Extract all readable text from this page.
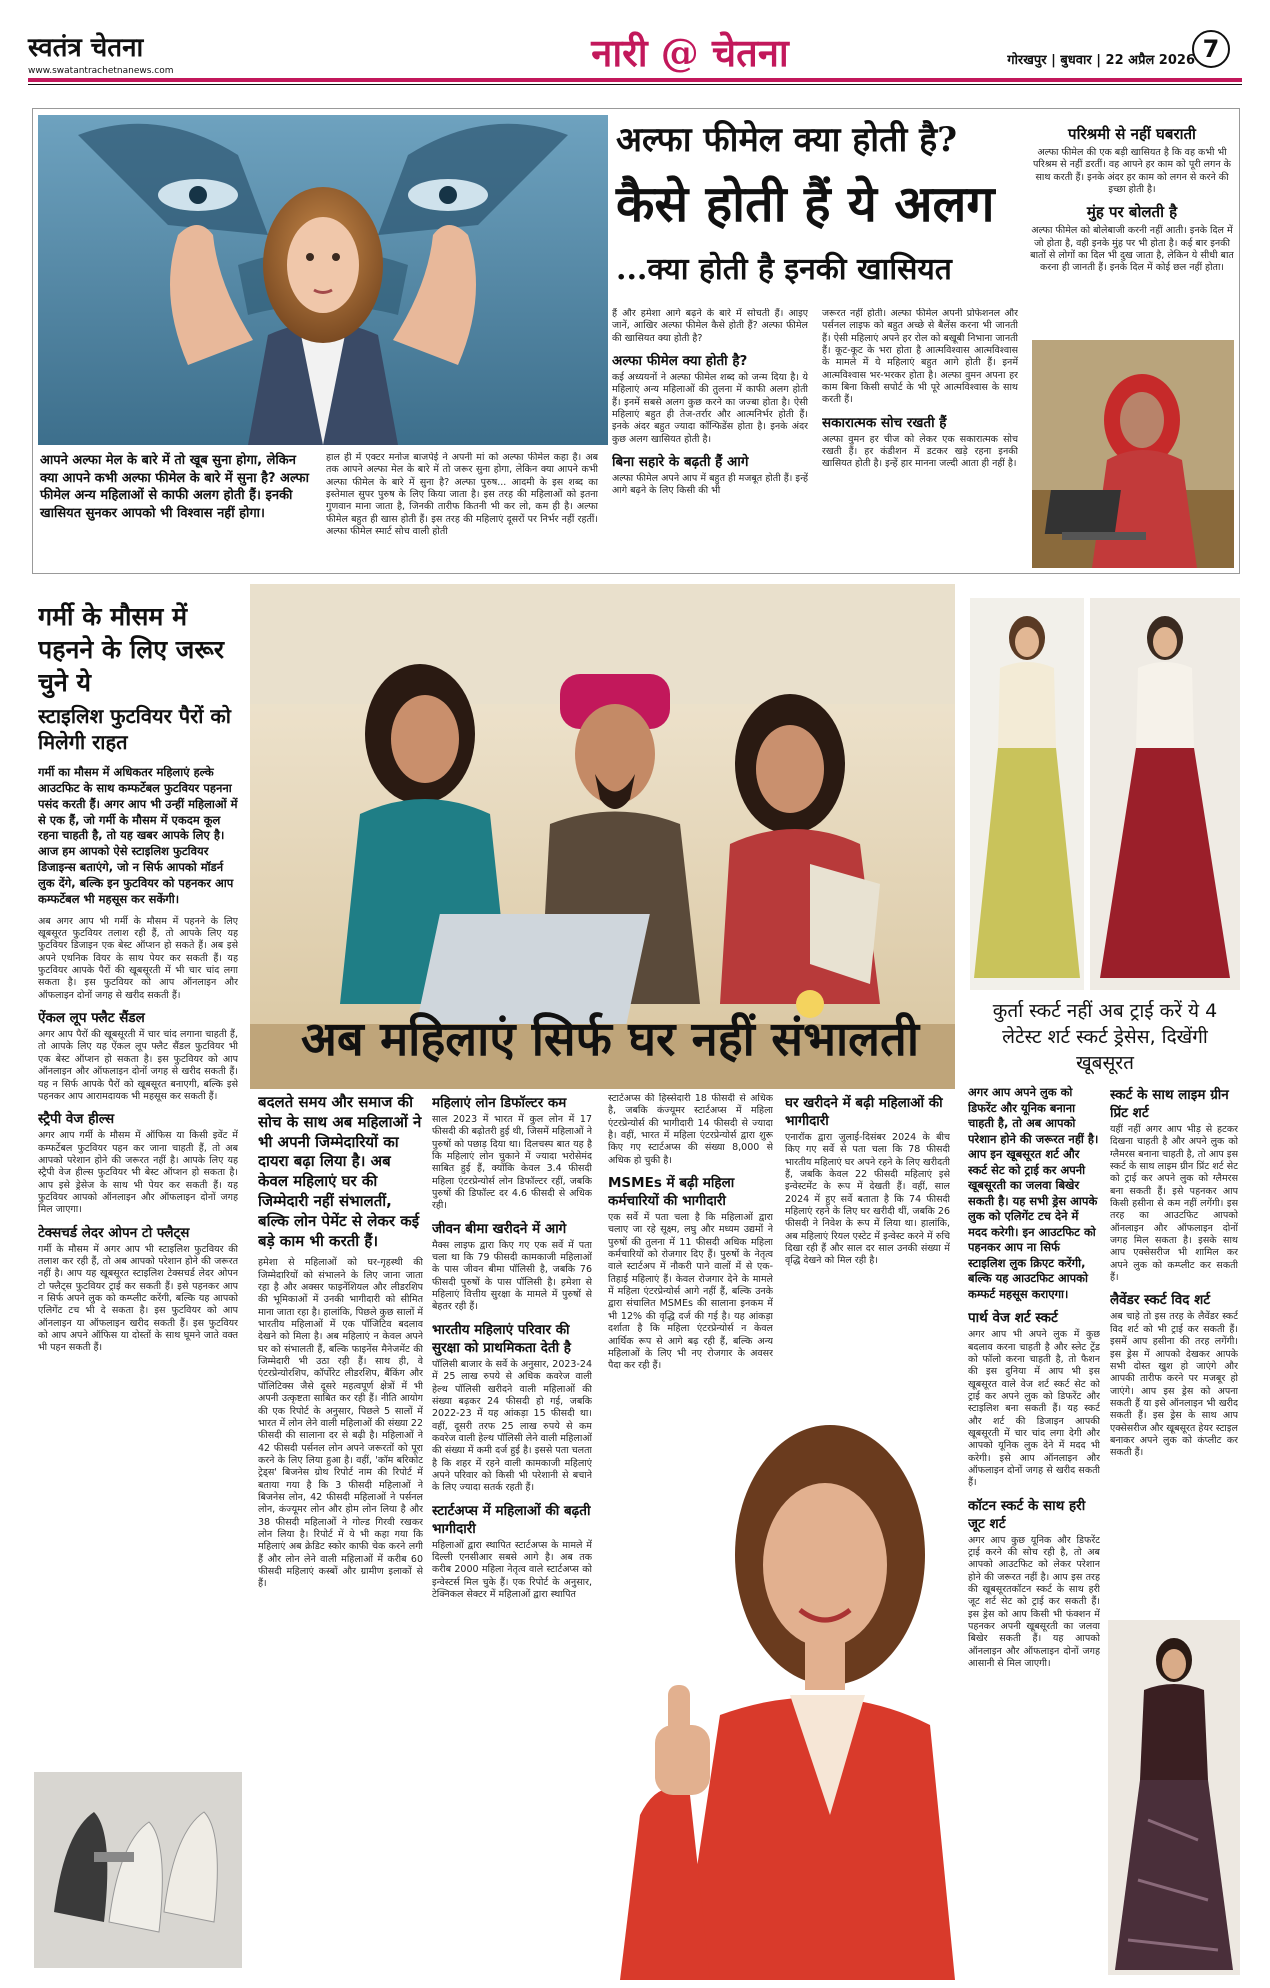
स्वतंत्र चेतना
www.swatantrachetnanews.com	नारी @ चेतना	गोरखपुर | बुधवार | 22 अप्रैल 2026 7
आपने अल्फा मेल के बारे में तो खूब सुना होगा, लेकिन क्या आपने कभी अल्फा फीमेल के बारे में सुना है? अल्फा फीमेल अन्य महिलाओं से काफी अलग होती हैं। इनकी खासियत सुनकर आपको भी विश्वास नहीं होगा।
हाल ही में एक्टर मनोज बाजपेई ने अपनी मां को अल्फा फीमेल कहा है। अब तक आपने अल्फा मेल के बारे में तो जरूर सुना होगा, लेकिन क्या आपने कभी अल्फा फीमेल के बारे में सुना है? अल्फा पुरुष... आदमी के इस शब्द का इस्तेमाल सुपर पुरुष के लिए किया जाता है। इस तरह की महिलाओं को इतना गुणवान माना जाता है, जिनकी तारीफ कितनी भी कर लो, कम ही है। अल्फा फीमेल बहुत ही खास होती हैं। इस तरह की महिलाएं दूसरों पर निर्भर नहीं रहतीं। अल्फा फीमेल स्मार्ट सोच वाली होती
अल्फा फीमेल क्या होती है?
कैसे होती हैं ये अलग
...क्या होती है इनकी खासियत
हैं और हमेशा आगे बढ़ने के बारे में सोचती हैं। आइए जानें, आखिर अल्फा फीमेल कैसे होती हैं? अल्फा फीमेल की खासियत क्या होती है?
अल्फा फीमेल क्या होती है?
कई अध्ययनों ने अल्फा फीमेल शब्द को जन्म दिया है। ये महिलाएं अन्य महिलाओं की तुलना में काफी अलग होती हैं। इनमें सबसे अलग कुछ करने का जज्बा होता है। ऐसी महिलाएं बहुत ही तेज-तर्रार और आत्मनिर्भर होती हैं। इनके अंदर बहुत ज्यादा कॉन्फिडेंस होता है। इनके अंदर कुछ अलग खासियत होती है।
बिना सहारे के बढ़ती हैं आगे
अल्फा फीमेल अपने आप में बहुत ही मजबूत होती हैं। इन्हें आगे बढ़ने के लिए किसी की भी
जरूरत नहीं होती। अल्फा फीमेल अपनी प्रोफेशनल और पर्सनल लाइफ को बहुत अच्छे से बैलेंस करना भी जानती हैं। ऐसी महिलाएं अपने हर रोल को बखूबी निभाना जानती हैं। कूट-कूट के भरा होता है आत्मविश्वास आत्मविश्वास के मामले में ये महिलाएं बहुत आगे होती हैं। इनमें आत्मविश्वास भर-भरकर होता है। अल्फा वुमन अपना हर काम बिना किसी सपोर्ट के भी पूरे आत्मविश्वास के साथ करती हैं।
सकारात्मक सोच रखती हैं
अल्फा वुमन हर चीज को लेकर एक सकारात्मक सोच रखती हैं। हर कंडीशन में डटकर खड़े रहना इनकी खासियत होती है। इन्हें हार मानना जल्दी आता ही नहीं है।
परिश्रमी से नहीं घबराती
अल्फा फीमेल की एक बड़ी खासियत है कि वह कभी भी परिश्रम से नहीं डरतीं। वह आपने हर काम को पूरी लगन के साथ करती हैं। इनके अंदर हर काम को लगन से करने की इच्छा होती है।
मुंह पर बोलती है
अल्फा फीमेल को बोलेबाजी करनी नहीं आती। इनके दिल में जो होता है, वही इनके मुंह पर भी होता है। कई बार इनकी बातों से लोगों का दिल भी दुख जाता है, लेकिन ये सीधी बात करना ही जानती हैं। इनके दिल में कोई छल नहीं होता।
गर्मी के मौसम में पहनने के लिए जरूर चुने ये
स्टाइलिश फुटवियर पैरों को मिलेगी राहत
गर्मी का मौसम में अधिकतर महिलाएं हल्के आउटफिट के साथ कम्फर्टेबल फुटवियर पहनना पसंद करती हैं। अगर आप भी उन्हीं महिलाओं में से एक हैं, जो गर्मी के मौसम में एकदम कूल रहना चाहती है, तो यह खबर आपके लिए है। आज हम आपको ऐसे स्टाइलिश फुटवियर डिजाइन्स बताएंगे, जो न सिर्फ आपको मॉडर्न लुक देंगे, बल्कि इन फुटवियर को पहनकर आप कम्फर्टेबल भी महसूस कर सकेंगी।
अब अगर आप भी गर्मी के मौसम में पहनने के लिए खूबसूरत फुटवियर तलाश रही हैं, तो आपके लिए यह फुटवियर डिजाइन एक बेस्ट ऑप्शन हो सकते हैं। अब इसे अपने एथनिक वियर के साथ पेयर कर सकती हैं। यह फुटवियर आपके पैरों की खूबसूरती में भी चार चांद लगा सकता है। इस फुटवियर को आप ऑनलाइन और ऑफलाइन दोनों जगह से खरीद सकती हैं।
ऐंकल लूप फ्लैट सैंडल
अगर आप पैरों की खूबसूरती में चार चांद लगाना चाहती हैं, तो आपके लिए यह ऐंकल लूप फ्लैट सैंडल फुटवियर भी एक बेस्ट ऑप्शन हो सकता है। इस फुटवियर को आप ऑनलाइन और ऑफलाइन दोनों जगह से खरीद सकती हैं। यह न सिर्फ आपके पैरों को खूबसूरत बनाएगी, बल्कि इसे पहनकर आप आरामदायक भी महसूस कर सकती हैं।
स्ट्रैपी वेज हील्स
अगर आप गर्मी के मौसम में ऑफिस या किसी इवेंट में कम्फर्टेबल फुटवियर पहन कर जाना चाहती हैं, तो अब आपको परेशान होने की जरूरत नहीं है। आपके लिए यह स्ट्रैपी वेज हील्स फुटवियर भी बेस्ट ऑप्शन हो सकता है। आप इसे ड्रेसेज के साथ भी पेयर कर सकती हैं। यह फुटवियर आपको ऑनलाइन और ऑफलाइन दोनों जगह मिल जाएगा।
टेक्सचर्ड लेदर ओपन टो फ्लैट्स
गर्मी के मौसम में अगर आप भी स्टाइलिश फुटवियर की तलाश कर रही हैं, तो अब आपको परेशान होने की जरूरत नहीं है। आप यह खूबसूरत स्टाइलिश टेक्सचर्ड लेदर ओपन टो फ्लैट्स फुटवियर ट्राई कर सकती हैं। इसे पहनकर आप न सिर्फ अपने लुक को कम्प्लीट करेंगी, बल्कि यह आपको एलिगेंट टच भी दे सकता है। इस फुटवियर को आप ऑनलाइन या ऑफलाइन खरीद सकती हैं। इस फुटवियर को आप अपने ऑफिस या दोस्तों के साथ घूमने जाते वक्त भी पहन सकती हैं।
अब महिलाएं सिर्फ घर नहीं संभालती
बदलते समय और समाज की सोच के साथ अब महिलाओं ने भी अपनी जिम्मेदारियों का दायरा बढ़ा लिया है। अब केवल महिलाएं घर की जिम्मेदारी नहीं संभालतीं, बल्कि लोन पेमेंट से लेकर कई बड़े काम भी करती हैं।
हमेशा से महिलाओं को घर-गृहस्थी की जिम्मेदारियों को संभालने के लिए जाना जाता रहा है और अक्सर फाइनेंशियल और लीडरशिप की भूमिकाओं में उनकी भागीदारी को सीमित माना जाता रहा है। हालांकि, पिछले कुछ सालों में भारतीय महिलाओं में एक पॉजिटिव बदलाव देखने को मिला है। अब महिलाएं न केवल अपने घर को संभालती हैं, बल्कि फाइनेंस मैनेजमेंट की जिम्मेदारी भी उठा रही हैं। साथ ही, वे एंटरप्रेन्योरशिप, कॉर्पोरेट लीडरशिप, बैंकिंग और पॉलिटिक्स जैसे दूसरे महत्वपूर्ण क्षेत्रों में भी अपनी उत्कृष्टता साबित कर रही हैं। नीति आयोग की एक रिपोर्ट के अनुसार, पिछले 5 सालों में भारत में लोन लेने वाली महिलाओं की संख्या 22 फीसदी की सालाना दर से बढ़ी है। महिलाओं ने 42 फीसदी पर्सनल लोन अपने जरूरतों को पूरा करने के लिए लिया हुआ है। वहीं, 'कॉम बरिकोट ट्रेड्स' बिजनेस ग्रोथ रिपोर्ट नाम की रिपोर्ट में बताया गया है कि 3 फीसदी महिलाओं ने बिजनेस लोन, 42 फीसदी महिलाओं ने पर्सनल लोन, कंज्यूमर लोन और होम लोन लिया है और 38 फीसदी महिलाओं ने गोल्ड गिरवी रखकर लोन लिया है। रिपोर्ट में ये भी कहा गया कि महिलाएं अब क्रेडिट स्कोर काफी चेक करने लगी हैं और लोन लेने वाली महिलाओं में करीब 60 फीसदी महिलाएं कस्बों और ग्रामीण इलाकों से हैं।
महिलाएं लोन डिफॉल्टर कम
साल 2023 में भारत में कुल लोन में 17 फीसदी की बढ़ोतरी हुई थी, जिसमें महिलाओं ने पुरुषों को पछाड़ दिया था। दिलचस्प बात यह है कि महिलाएं लोन चुकाने में ज्यादा भरोसेमंद साबित हुई हैं, क्योंकि केवल 3.4 फीसदी महिला एंटरप्रेन्योर्स लोन डिफॉल्टर रहीं, जबकि पुरुषों की डिफॉल्ट दर 4.6 फीसदी से अधिक रही।
जीवन बीमा खरीदने में आगे
मैक्स लाइफ द्वारा किए गए एक सर्वे में पता चला था कि 79 फीसदी कामकाजी महिलाओं के पास जीवन बीमा पॉलिसी है, जबकि 76 फीसदी पुरुषों के पास पॉलिसी है। हमेशा से महिलाएं वित्तीय सुरक्षा के मामले में पुरुषों से बेहतर रही हैं।
भारतीय महिलाएं परिवार की सुरक्षा को प्राथमिकता देती है
पॉलिसी बाजार के सर्वे के अनुसार, 2023-24 में 25 लाख रुपये से अधिक कवरेज वाली हेल्थ पॉलिसी खरीदने वाली महिलाओं की संख्या बढ़कर 24 फीसदी हो गई, जबकि 2022-23 में यह आंकड़ा 15 फीसदी था। वहीं, दूसरी तरफ 25 लाख रुपये से कम कवरेज वाली हेल्थ पॉलिसी लेने वाली महिलाओं की संख्या में कमी दर्ज हुई है। इससे पता चलता है कि शहर में रहने वाली कामकाजी महिलाएं अपने परिवार को किसी भी परेशानी से बचाने के लिए ज्यादा सतर्क रहती हैं।
स्टार्टअप्स में महिलाओं की बढ़ती भागीदारी
महिलाओं द्वारा स्थापित स्टार्टअप्स के मामले में दिल्ली एनसीआर सबसे आगे है। अब तक करीब 2000 महिला नेतृत्व वाले स्टार्टअप्स को इन्वेस्टर्स मिल चुके हैं। एक रिपोर्ट के अनुसार, टेक्निकल सेक्टर में महिलाओं द्वारा स्थापित
स्टार्टअप्स की हिस्सेदारी 18 फीसदी से अधिक है, जबकि कंज्यूमर स्टार्टअप्स में महिला एंटरप्रेन्योर्स की भागीदारी 14 फीसदी से ज्यादा है। वहीं, भारत में महिला एंटरप्रेन्योर्स द्वारा शुरू किए गए स्टार्टअप्स की संख्या 8,000 से अधिक हो चुकी है।
MSMEs में बढ़ी महिला कर्मचारियों की भागीदारी
एक सर्वे में पता चला है कि महिलाओं द्वारा चलाए जा रहे सूक्ष्म, लघु और मध्यम उद्यमों ने पुरुषों की तुलना में 11 फीसदी अधिक महिला कर्मचारियों को रोजगार दिए हैं। पुरुषों के नेतृत्व वाले स्टार्टअप में नौकरी पाने वालों में से एक-तिहाई महिलाएं हैं। केवल रोजगार देने के मामले में महिला एंटरप्रेन्योर्स आगे नहीं हैं, बल्कि उनके द्वारा संचालित MSMEs की सालाना इनकम में भी 12% की वृद्धि दर्ज की गई है। यह आंकड़ा दर्शाता है कि महिला एंटरप्रेन्योर्स न केवल आर्थिक रूप से आगे बढ़ रही हैं, बल्कि अन्य महिलाओं के लिए भी नए रोजगार के अवसर पैदा कर रही हैं।
घर खरीदने में बढ़ी महिलाओं की भागीदारी
एनारॉक द्वारा जुलाई-दिसंबर 2024 के बीच किए गए सर्वे से पता चला कि 78 फीसदी भारतीय महिलाएं घर अपने रहने के लिए खरीदती हैं, जबकि केवल 22 फीसदी महिलाएं इसे इन्वेस्टमेंट के रूप में देखती हैं। वहीं, साल 2024 में हुए सर्वे बताता है कि 74 फीसदी महिलाएं रहने के लिए घर खरीदी थीं, जबकि 26 फीसदी ने निवेश के रूप में लिया था। हालांकि, अब महिलाएं रियल एस्टेट में इन्वेस्ट करने में रुचि दिखा रही हैं और साल दर साल उनकी संख्या में वृद्धि देखने को मिल रही है।
कुर्ता स्कर्ट नहीं अब ट्राई करें ये 4 लेटेस्ट शर्ट स्कर्ट ड्रेसेस, दिखेंगी खूबसूरत
अगर आप अपने लुक को डिफरेंट और यूनिक बनाना चाहती है, तो अब आपको परेशान होने की जरूरत नहीं है। आप इन खूबसूरत शर्ट और स्कर्ट सेट को ट्राई कर अपनी खूबसूरती का जलवा बिखेर सकती है। यह सभी ड्रेस आपके लुक को एलिगेंट टच देने में मदद करेगी। इन आउटफिट को पहनकर आप ना सिर्फ स्टाइलिश लुक क्रिएट करेंगी, बल्कि यह आउटफिट आपको कम्फर्ट महसूस कराएगा।
पार्थ वेज शर्ट स्कर्ट
अगर आप भी अपने लुक में कुछ बदलाव करना चाहती है और स्लेट ट्रेंड को फॉलो करना चाहती है, तो फैशन की इस दुनिया में आप भी इस खूबसूरत वाले वेज शर्ट स्कर्ट सेट को ट्राई कर अपने लुक को डिफरेंट और स्टाइलिश बना सकती हैं। यह स्कर्ट और शर्ट की डिजाइन आपकी खूबसूरती में चार चांद लगा देगी और आपको यूनिक लुक देने में मदद भी करेगी। इसे आप ऑनलाइन और ऑफलाइन दोनों जगह से खरीद सकती हैं।
कॉटन स्कर्ट के साथ हरी जूट शर्ट
अगर आप कुछ यूनिक और डिफरेंट ट्राई करने की सोच रही है, तो अब आपको आउटफिट को लेकर परेशान होने की जरूरत नहीं है। आप इस तरह की खूबसूरतकॉटन स्कर्ट के साथ हरी जूट शर्ट सेट को ट्राई कर सकती हैं। इस ड्रेस को आप किसी भी फंक्शन में पहनकर अपनी खूबसूरती का जलवा बिखेर सकती हैं। यह आपको ऑनलाइन और ऑफलाइन दोनों जगह आसानी से मिल जाएगी।
स्कर्ट के साथ लाइम ग्रीन प्रिंट शर्ट
यहीं नहीं अगर आप भीड़ से हटकर दिखना चाहती है और अपने लुक को ग्लैमरस बनाना चाहती है, तो आप इस स्कर्ट के साथ लाइम ग्रीन प्रिंट शर्ट सेट को ट्राई कर अपने लुक को ग्लैमरस बना सकती हैं। इसे पहनकर आप किसी हसीना से कम नहीं लगेंगी। इस तरह का आउटफिट आपको ऑनलाइन और ऑफलाइन दोनों जगह मिल सकता है। इसके साथ आप एक्सेसरीज भी शामिल कर अपने लुक को कम्प्लीट कर सकती हैं।
लैवेंडर स्कर्ट विद शर्ट
अब चाहे तो इस तरह के लैवेंडर स्कर्ट विद शर्ट को भी ट्राई कर सकती हैं। इसमें आप हसीना की तरह लगेंगी। इस ड्रेस में आपको देखकर आपके सभी दोस्त खुश हो जाएंगे और आपकी तारीफ करने पर मजबूर हो जाएंगे। आप इस ड्रेस को अपना सकती हैं या इसे ऑनलाइन भी खरीद सकती हैं। इस ड्रेस के साथ आप एक्सेसरीज और खूबसूरत हेयर स्टाइल बनाकर अपने लुक को कंप्लीट कर सकती हैं।
